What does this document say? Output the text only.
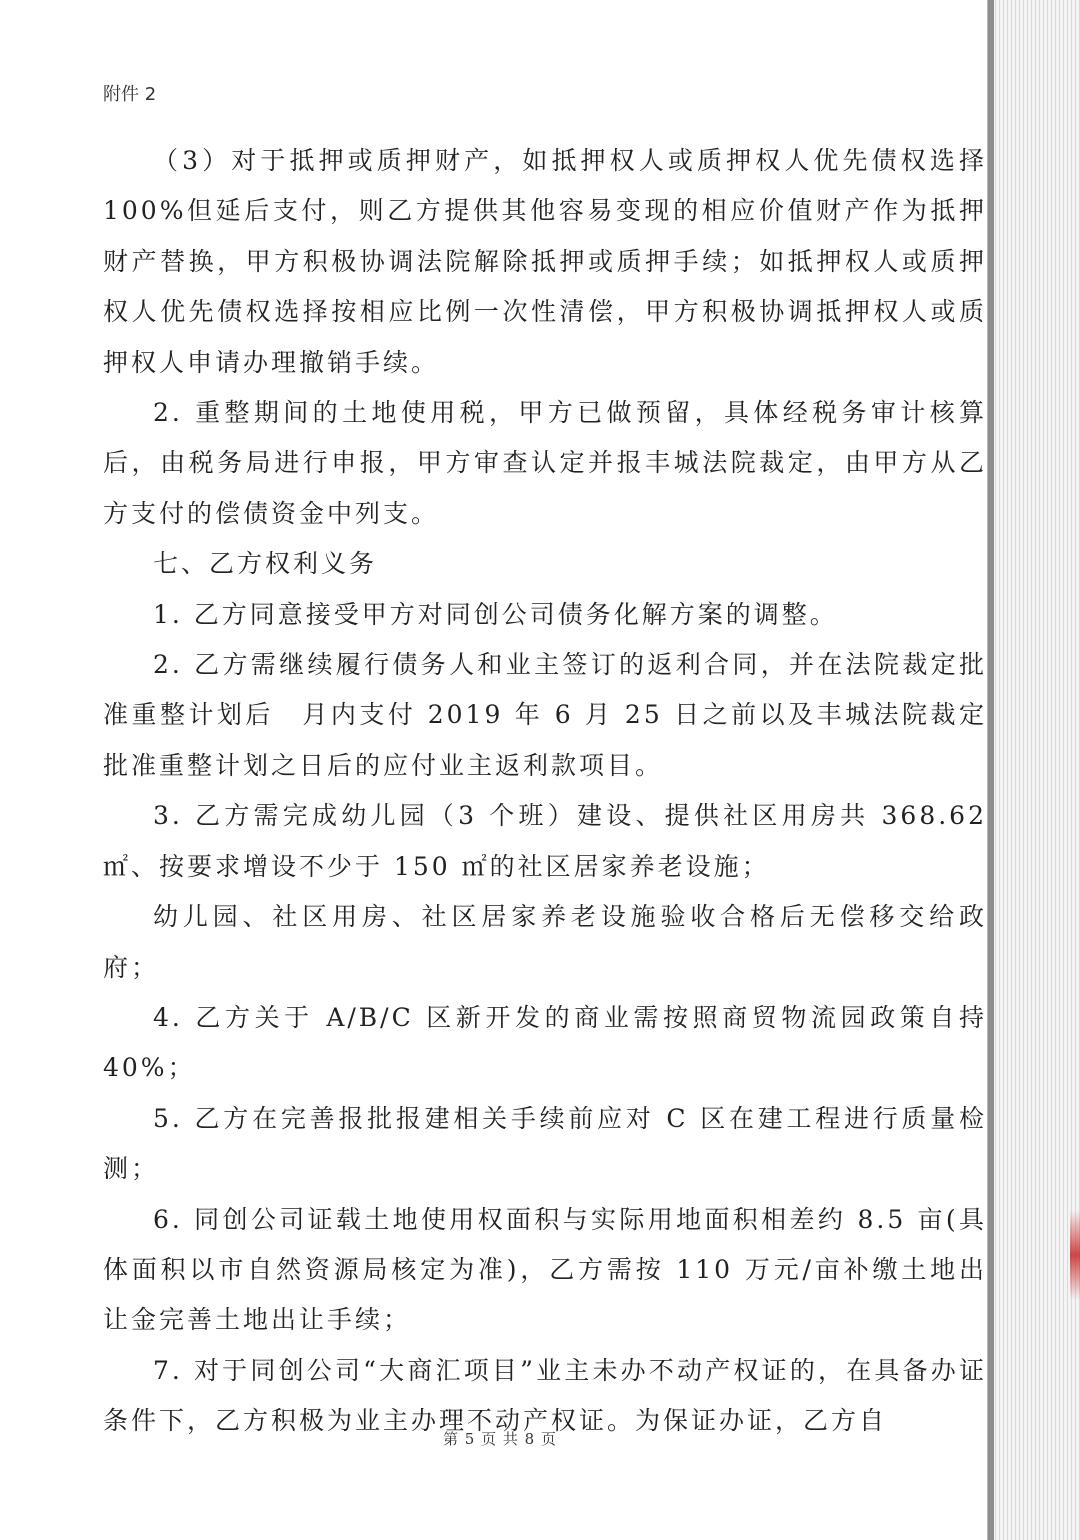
附件 2

（3）对于抵押或质押财产，如抵押权人或质押权人优先债权选择100%但延后支付，则乙方提供其他容易变现的相应价值财产作为抵押财产替换，甲方积极协调法院解除抵押或质押手续；如抵押权人或质押权人优先债权选择按相应比例一次性清偿，甲方积极协调抵押权人或质押权人申请办理撤销手续。

2. 重整期间的土地使用税，甲方已做预留，具体经税务审计核算后，由税务局进行申报，甲方审查认定并报丰城法院裁定，由甲方从乙方支付的偿债资金中列支。

七、乙方权利义务

1. 乙方同意接受甲方对同创公司债务化解方案的调整。

2. 乙方需继续履行债务人和业主签订的返利合同，并在法院裁定批准重整计划后　月内支付 2019 年 6 月 25 日之前以及丰城法院裁定批准重整计划之日后的应付业主返利款项目。

3. 乙方需完成幼儿园（3 个班）建设、提供社区用房共 368.62 ㎡、按要求增设不少于 150 ㎡的社区居家养老设施；

幼儿园、社区用房、社区居家养老设施验收合格后无偿移交给政府；

4. 乙方关于 A/B/C 区新开发的商业需按照商贸物流园政策自持 40%；

5. 乙方在完善报批报建相关手续前应对 C 区在建工程进行质量检测；

6. 同创公司证载土地使用权面积与实际用地面积相差约 8.5 亩(具体面积以市自然资源局核定为准)，乙方需按 110 万元/亩补缴土地出让金完善土地出让手续；

7. 对于同创公司“大商汇项目”业主未办不动产权证的，在具备办证条件下，乙方积极为业主办理不动产权证。为保证办证，乙方自

第 5 页 共 8 页
